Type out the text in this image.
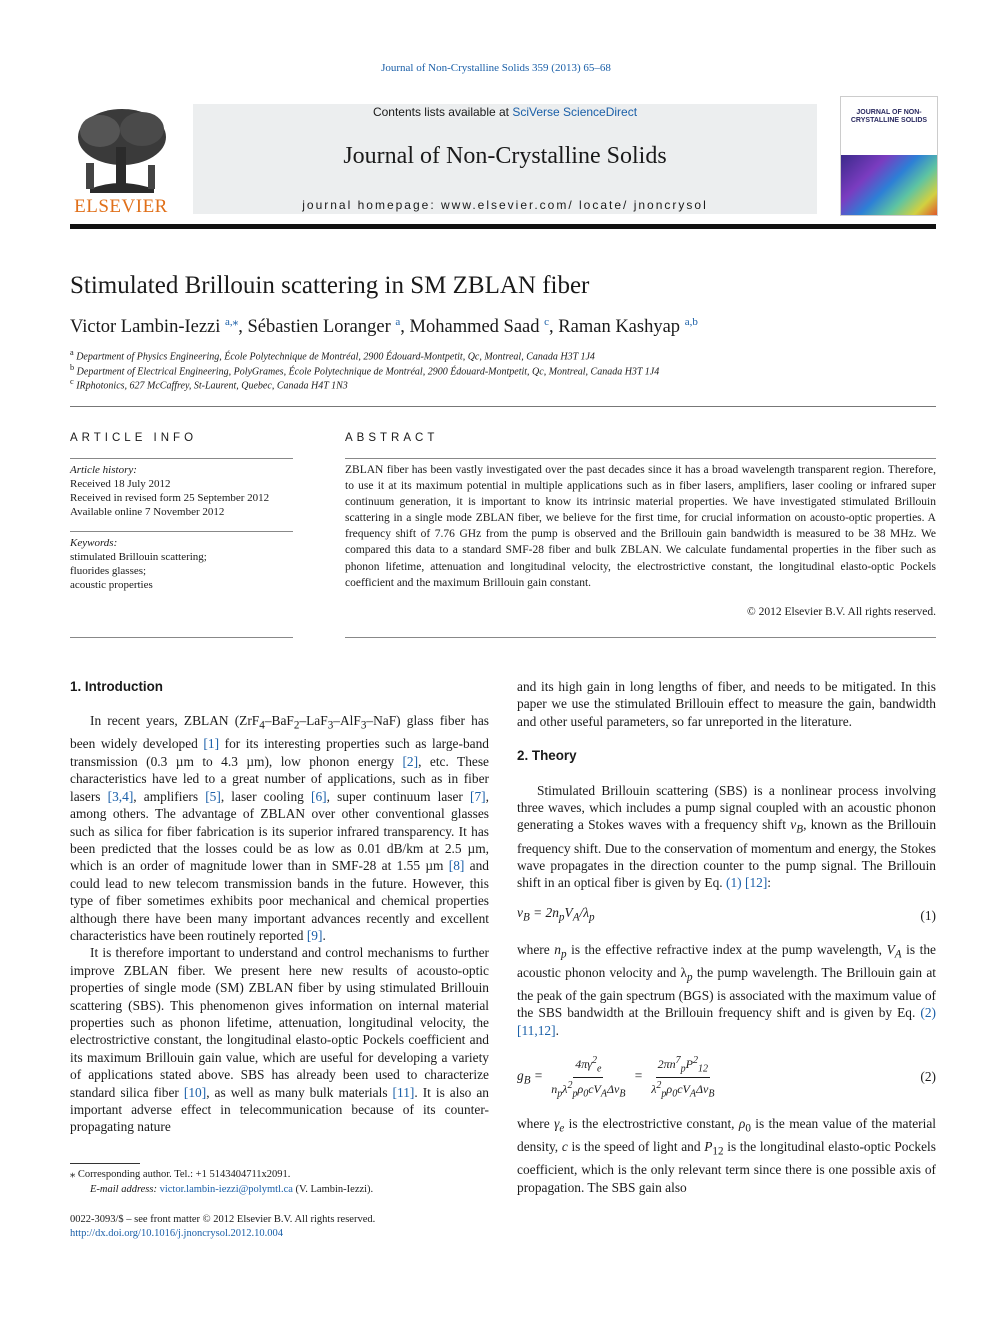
Journal of Non-Crystalline Solids 359 (2013) 65–68
ELSEVIER
Contents lists available at SciVerse ScienceDirect
Journal of Non-Crystalline Solids
journal homepage: www.elsevier.com/ locate/ jnoncrysol
JOURNAL OF NON-CRYSTALLINE SOLIDS
Stimulated Brillouin scattering in SM ZBLAN fiber
Victor Lambin-Iezzi $^{a,⁎}$, Sébastien Loranger $^a$, Mohammed Saad $^c$, Raman Kashyap $^{a,b}$
$^a$ Department of Physics Engineering, École Polytechnique de Montréal, 2900 Édouard-Montpetit, Qc, Montreal, Canada H3T 1J4
$^b$ Department of Electrical Engineering, PolyGrames, École Polytechnique de Montréal, 2900 Édouard-Montpetit, Qc, Montreal, Canada H3T 1J4
$^c$ IRphotonics, 627 McCaffrey, St-Laurent, Quebec, Canada H4T 1N3
ARTICLE INFO
Article history:
Received 18 July 2012
Received in revised form 25 September 2012
Available online 7 November 2012
Keywords:
stimulated Brillouin scattering;
fluorides glasses;
acoustic properties
ABSTRACT
ZBLAN fiber has been vastly investigated over the past decades since it has a broad wavelength transparent region. Therefore, to use it at its maximum potential in multiple applications such as in fiber lasers, amplifiers, laser cooling or infrared super continuum generation, it is important to know its intrinsic material properties. We have investigated stimulated Brillouin scattering in a single mode ZBLAN fiber, we believe for the first time, for crucial information on acousto-optic properties. A frequency shift of 7.76 GHz from the pump is observed and the Brillouin gain bandwidth is measured to be 38 MHz. We compared this data to a standard SMF-28 fiber and bulk ZBLAN. We calculate fundamental properties in the fiber such as phonon lifetime, attenuation and longitudinal velocity, the electrostrictive constant, the longitudinal elasto-optic Pockels coefficient and the maximum Brillouin gain constant.
© 2012 Elsevier B.V. All rights reserved.
1. Introduction

In recent years, ZBLAN (ZrF$_4$–BaF$_2$–LaF$_3$–AlF$_3$–NaF) glass fiber has been widely developed [1] for its interesting properties such as large-band transmission (0.3 µm to 4.3 µm), low phonon energy [2], etc. These characteristics have led to a great number of applications, such as in fiber lasers [3,4], amplifiers [5], laser cooling [6], super continuum laser [7], among others. The advantage of ZBLAN over other conventional glasses such as silica for fiber fabrication is its superior infrared transparency. It has been predicted that the losses could be as low as 0.01 dB/km at 2.5 µm, which is an order of magnitude lower than in SMF-28 at 1.55 µm [8] and could lead to new telecom transmission bands in the future. However, this type of fiber sometimes exhibits poor mechanical and chemical properties although there have been many important advances recently and excellent characteristics have been routinely reported [9].

It is therefore important to understand and control mechanisms to further improve ZBLAN fiber. We present here new results of acousto-optic properties of single mode (SM) ZBLAN fiber by using stimulated Brillouin scattering (SBS). This phenomenon gives information on internal material properties such as phonon lifetime, attenuation, longitudinal velocity, the electrostrictive constant, the longitudinal elasto-optic Pockels coefficient and its maximum Brillouin gain value, which are useful for developing a variety of applications stated above. SBS has already been used to characterize standard silica fiber [10], as well as many bulk materials [11]. It is also an important adverse effect in telecommunication because of its counter-propagating nature

and its high gain in long lengths of fiber, and needs to be mitigated. In this paper we use the stimulated Brillouin effect to measure the gain, bandwidth and other useful parameters, so far unreported in the literature.

2. Theory

Stimulated Brillouin scattering (SBS) is a nonlinear process involving three waves, which includes a pump signal coupled with an acoustic phonon generating a Stokes waves with a frequency shift $\nu_B$, known as the Brillouin frequency shift. Due to the conservation of momentum and energy, the Stokes wave propagates in the direction counter to the pump signal. The Brillouin shift in an optical fiber is given by Eq. (1) [12]:

$\nu_B = 2n_pV_A/\lambda_p$	(1)

where $n_p$ is the effective refractive index at the pump wavelength, $V_A$ is the acoustic phonon velocity and $\lambda_p$ the pump wavelength. The Brillouin gain at the peak of the gain spectrum (BGS) is associated with the maximum value of the SBS bandwidth at the Brillouin frequency shift and is given by Eq. (2) [11,12].

$g_B = \frac{4\pi\gamma^2_e}{n_p\lambda^2_p\rho_0cV_A\Delta\nu_B} = \frac{2\pi n^7_pP^2_{12}}{\lambda^2_p\rho_0cV_A\Delta\nu_B}$	(2)

where $\gamma_e$ is the electrostrictive constant, $\rho_0$ is the mean value of the material density, c is the speed of light and $P_{12}$ is the longitudinal elasto-optic Pockels coefficient, which is the only relevant term since there is one possible axis of propagation. The SBS gain also

⁎ Corresponding author. Tel.: +1 5143404711x2091.
E-mail address: victor.lambin-iezzi@polymtl.ca (V. Lambin-Iezzi).
0022-3093/$ – see front matter © 2012 Elsevier B.V. All rights reserved.
http://dx.doi.org/10.1016/j.jnoncrysol.2012.10.004
